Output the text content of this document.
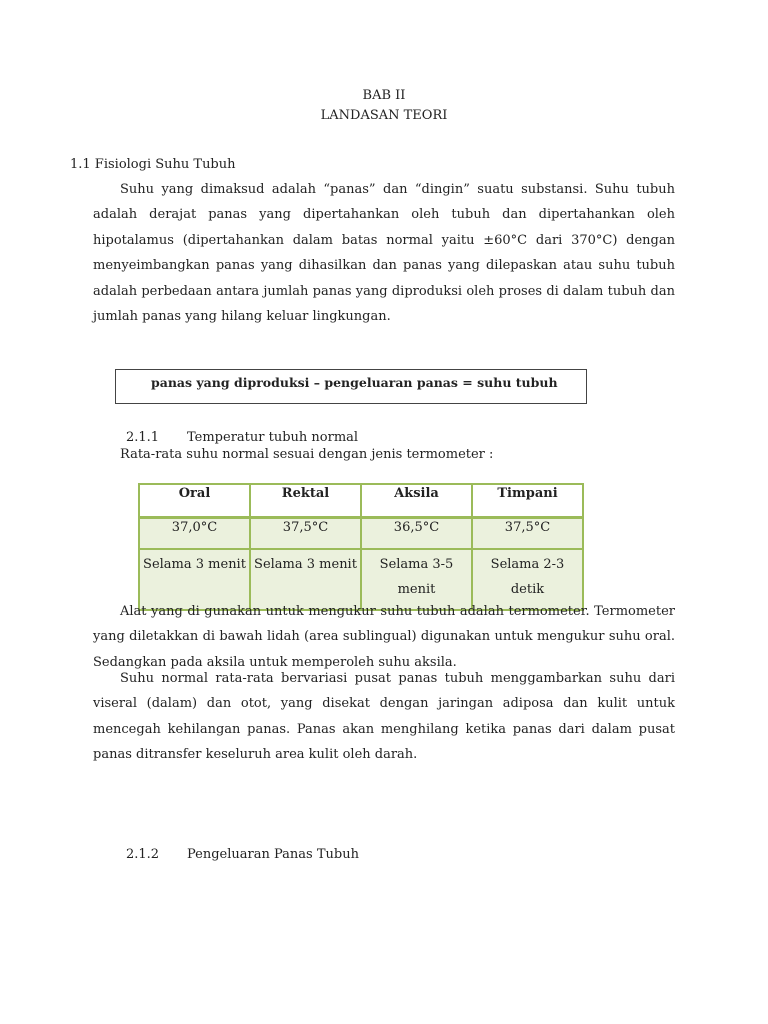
BAB II
LANDASAN TEORI
1.1 Fisiologi Suhu Tubuh
Suhu yang dimaksud adalah “panas” dan “dingin” suatu substansi. Suhu tubuh adalah derajat panas yang dipertahankan oleh tubuh dan dipertahankan oleh hipotalamus (dipertahankan dalam batas normal yaitu ±60°C dari 370°C) dengan menyeimbangkan panas yang dihasilkan dan panas yang dilepaskan atau suhu tubuh adalah perbedaan antara jumlah panas yang diproduksi oleh proses di dalam tubuh dan jumlah panas yang hilang keluar lingkungan.
panas yang diproduksi – pengeluaran panas = suhu tubuh
2.1.1 Temperatur tubuh normal
Rata-rata suhu normal sesuai dengan jenis termometer :
Oral	Rektal	Aksila	Timpani
37,0°C	37,5°C	36,5°C	37,5°C
Selama 3 menit	Selama 3 menit	Selama 3-5 menit	Selama 2-3 detik
Alat yang di gunakan untuk mengukur suhu tubuh adalah termometer. Termometer yang diletakkan di bawah lidah (area sublingual) digunakan untuk mengukur suhu oral. Sedangkan pada aksila untuk memperoleh suhu aksila.
Suhu normal rata-rata bervariasi pusat panas tubuh menggambarkan suhu dari viseral (dalam) dan otot, yang disekat dengan jaringan adiposa dan kulit untuk mencegah kehilangan panas. Panas akan menghilang ketika panas dari dalam pusat panas ditransfer keseluruh area kulit oleh darah.
2.1.2 Pengeluaran Panas Tubuh
